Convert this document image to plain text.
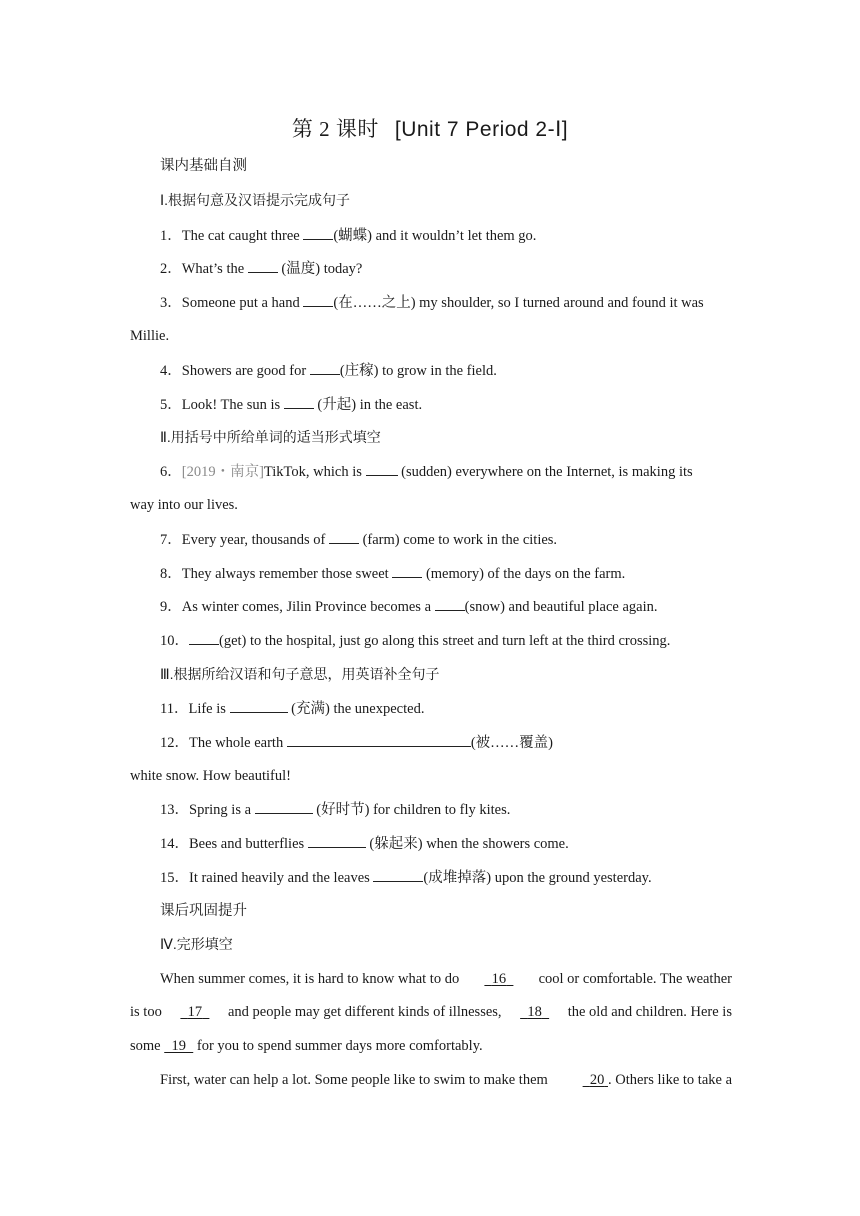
第 2 课时 [Unit 7 Period 2-Ⅰ]
课内基础自测
Ⅰ.根据句意及汉语提示完成句子
1．The cat caught three (蝴蝶) and it wouldn’t let them go.
2．What’s the	(温度) today?
3．Someone put a hand (在……之上) my shoulder, so I turned around and found it was
Millie.
4．Showers are good for (庄稼) to grow in the field.
5．Look! The sun is	(升起) in the east.
Ⅱ.用括号中所给单词的适当形式填空
6．[2019・南京]TikTok, which is	(sudden) everywhere on the Internet, is making its
way into our lives.
7．Every year, thousands of	(farm) come to work in the cities.
8．They always remember those sweet	(memory) of the days on the farm.
9．As winter comes, Jilin Province becomes a (snow) and beautiful place again.
10． (get) to the hospital, just go along this street and turn left at the third crossing.
Ⅲ.根据所给汉语和句子意思，用英语补全句子
11．Life is	(充满) the unexpected.
12．The whole earth	(被……覆盖)
white snow. How beautiful!
13．Spring is a	(好时节) for children to fly kites.
14．Bees and butterflies	(躲起来) when the showers come.
15．It rained heavily and the leaves	(成堆掉落) upon the ground yesterday.
课后巩固提升
Ⅳ.完形填空
When summer comes, it is hard to know what to do	16	cool or comfortable. The weather
is too	17	and people may get different kinds of illnesses,	18	the old and children. Here is
some 19 for you to spend summer days more comfortably.
First, water can help a lot. Some people like to swim to make them	20 . Others like to take a
